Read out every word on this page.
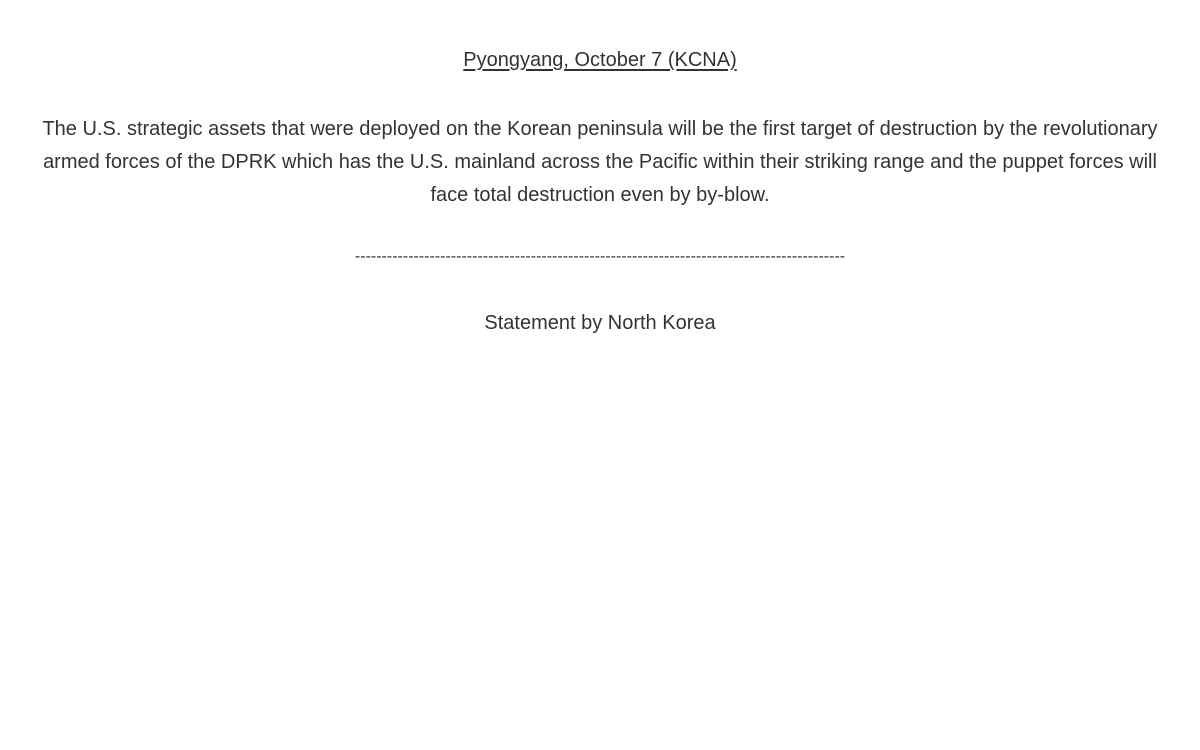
Pyongyang, October 7 (KCNA)

The U.S. strategic assets that were deployed on the Korean peninsula will be the first target of destruction by the revolutionary armed forces of the DPRK which has the U.S. mainland across the Pacific within their striking range and the puppet forces will face total destruction even by by-blow.

--------------------------------------------------------------------------------------------
Statement by North Korea
